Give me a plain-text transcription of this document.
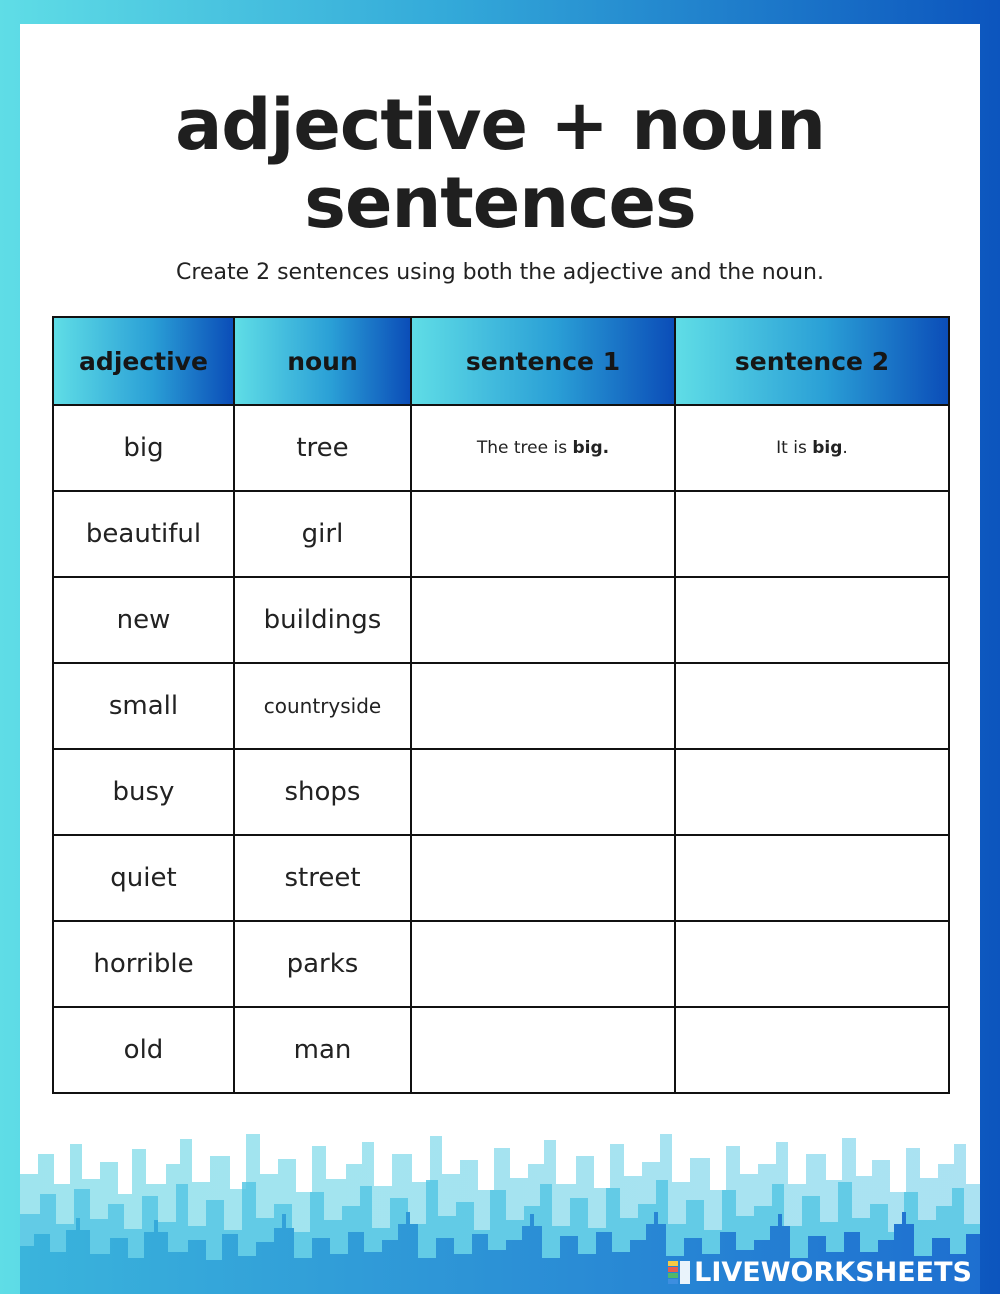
adjective + noun
sentences
Create 2 sentences using both the adjective and the noun.
adjective	noun	sentence 1	sentence 2
big	tree	The tree is big.	It is big.
beautiful	girl		
new	buildings		
small	countryside		
busy	shops		
quiet	street		
horrible	parks		
old	man		
LIVEWORKSHEETS
